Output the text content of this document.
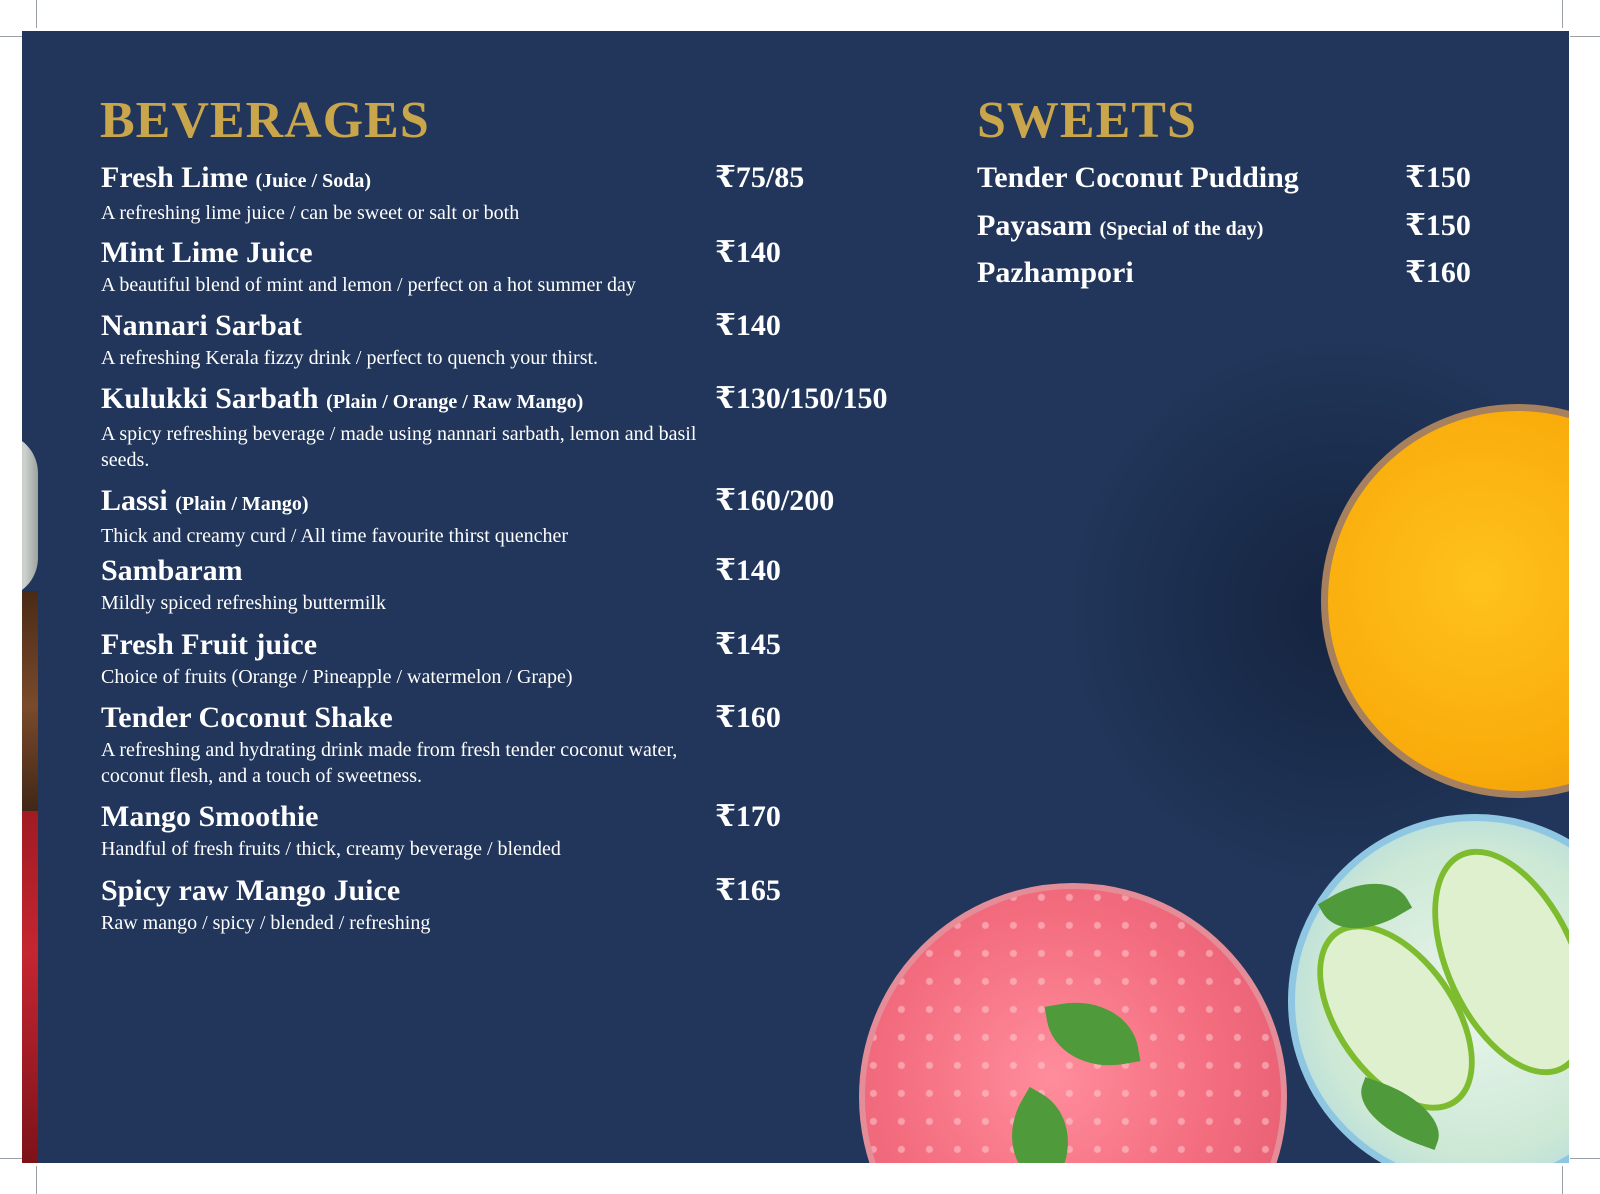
BEVERAGES
Fresh Lime (Juice / Soda)
A refreshing lime juice / can be sweet or salt or both
₹75/85
Mint Lime Juice
A beautiful blend of mint and lemon / perfect on a hot summer day
₹140
Nannari Sarbat
A refreshing Kerala fizzy drink / perfect to quench your thirst.
₹140
Kulukki Sarbath (Plain / Orange / Raw Mango)
A spicy refreshing beverage / made using nannari sarbath, lemon and basil seeds.
₹130/150/150
Lassi (Plain / Mango)
Thick and creamy curd / All time favourite thirst quencher
₹160/200
Sambaram
Mildly spiced refreshing buttermilk
₹140
Fresh Fruit juice
Choice of fruits (Orange / Pineapple / watermelon / Grape)
₹145
Tender Coconut Shake
A refreshing and hydrating drink made from fresh tender coconut water, coconut flesh, and a touch of sweetness.
₹160
Mango Smoothie
Handful of fresh fruits / thick, creamy beverage / blended
₹170
Spicy raw Mango Juice
Raw mango / spicy / blended / refreshing
₹165
SWEETS
Tender Coconut Pudding	₹150
Payasam (Special of the day)	₹150
Pazhampori	₹160
